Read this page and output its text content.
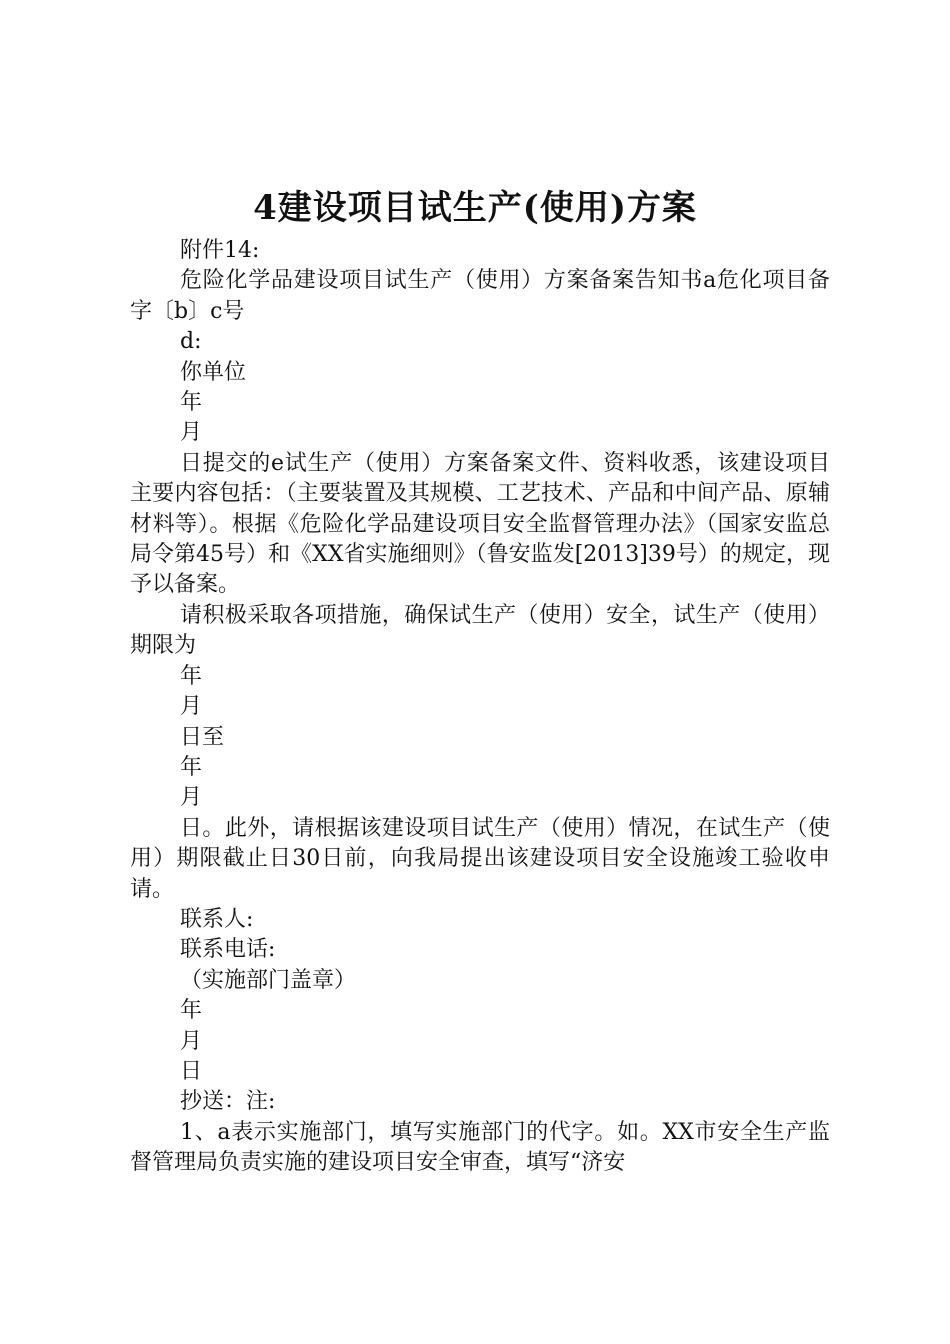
4建设项目试生产(使用)方案

附件14:

危险化学品建设项目试生产（使用）方案备案告知书a危化项目备字〔b〕c号

d:

你单位

年

月

日提交的e试生产（使用）方案备案文件、资料收悉，该建设项目主要内容包括：（主要装置及其规模、工艺技术、产品和中间产品、原辅材料等）。根据《危险化学品建设项目安全监督管理办法》（国家安监总局令第45号）和《XX省实施细则》（鲁安监发[2013]39号）的规定，现予以备案。

请积极采取各项措施，确保试生产（使用）安全，试生产（使用）期限为

年

月

日至

年

月

日。此外，请根据该建设项目试生产（使用）情况，在试生产（使用）期限截止日30日前，向我局提出该建设项目安全设施竣工验收申请。

联系人:

联系电话:

（实施部门盖章）

年

月

日

抄送：注:

1、a表示实施部门，填写实施部门的代字。如。XX市安全生产监督管理局负责实施的建设项目安全审查，填写“济安
